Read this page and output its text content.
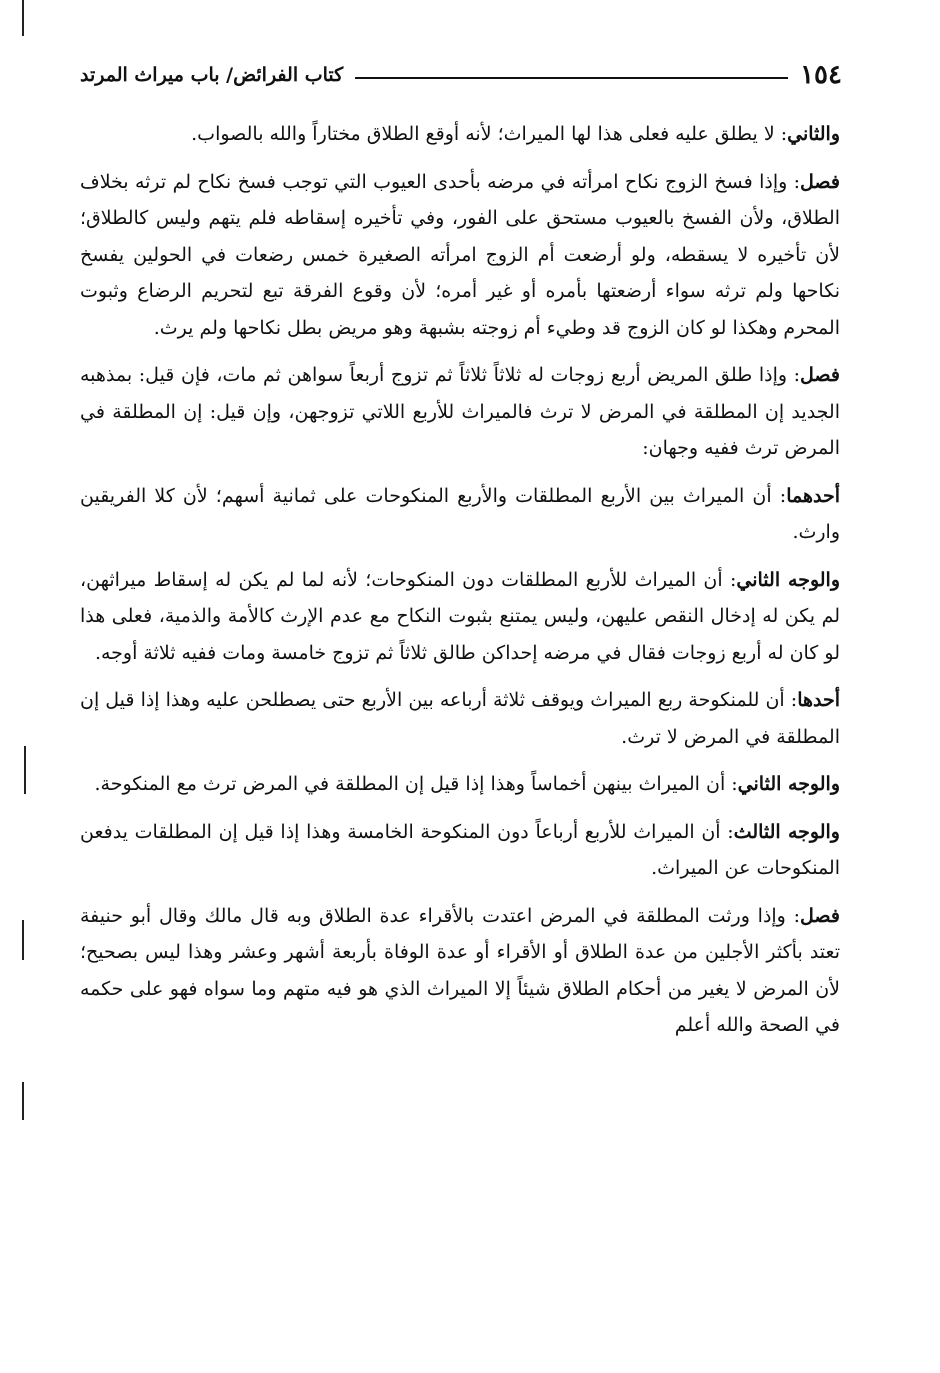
١٥٤
كتاب الفرائض/ باب ميراث المرتد

والثاني: لا يطلق عليه فعلى هذا لها الميراث؛ لأنه أوقع الطلاق مختاراً والله بالصواب.

فصل: وإذا فسخ الزوج نكاح امرأته في مرضه بأحدى العيوب التي توجب فسخ نكاح لم ترثه بخلاف الطلاق، ولأن الفسخ بالعيوب مستحق على الفور، وفي تأخيره إسقاطه فلم يتهم وليس كالطلاق؛ لأن تأخيره لا يسقطه، ولو أرضعت أم الزوج امرأته الصغيرة خمس رضعات في الحولين يفسخ نكاحها ولم ترثه سواء أرضعتها بأمره أو غير أمره؛ لأن وقوع الفرقة تبع لتحريم الرضاع وثبوت المحرم وهكذا لو كان الزوج قد وطيء أم زوجته بشبهة وهو مريض بطل نكاحها ولم يرث.

فصل: وإذا طلق المريض أربع زوجات له ثلاثاً ثلاثاً ثم تزوج أربعاً سواهن ثم مات، فإن قيل: بمذهبه الجديد إن المطلقة في المرض لا ترث فالميراث للأربع اللاتي تزوجهن، وإن قيل: إن المطلقة في المرض ترث ففيه وجهان:

أحدهما: أن الميراث بين الأربع المطلقات والأربع المنكوحات على ثمانية أسهم؛ لأن كلا الفريقين وارث.

والوجه الثاني: أن الميراث للأربع المطلقات دون المنكوحات؛ لأنه لما لم يكن له إسقاط ميراثهن، لم يكن له إدخال النقص عليهن، وليس يمتنع بثبوت النكاح مع عدم الإرث كالأمة والذمية، فعلى هذا لو كان له أربع زوجات فقال في مرضه إحداكن طالق ثلاثاً ثم تزوج خامسة ومات ففيه ثلاثة أوجه.

أحدها: أن للمنكوحة ربع الميراث ويوقف ثلاثة أرباعه بين الأربع حتى يصطلحن عليه وهذا إذا قيل إن المطلقة في المرض لا ترث.

والوجه الثاني: أن الميراث بينهن أخماساً وهذا إذا قيل إن المطلقة في المرض ترث مع المنكوحة.

والوجه الثالث: أن الميراث للأربع أرباعاً دون المنكوحة الخامسة وهذا إذا قيل إن المطلقات يدفعن المنكوحات عن الميراث.

فصل: وإذا ورثت المطلقة في المرض اعتدت بالأقراء عدة الطلاق وبه قال مالك وقال أبو حنيفة تعتد بأكثر الأجلين من عدة الطلاق أو الأقراء أو عدة الوفاة بأربعة أشهر وعشر وهذا ليس بصحيح؛ لأن المرض لا يغير من أحكام الطلاق شيئاً إلا الميراث الذي هو فيه متهم وما سواه فهو على حكمه في الصحة والله أعلم
